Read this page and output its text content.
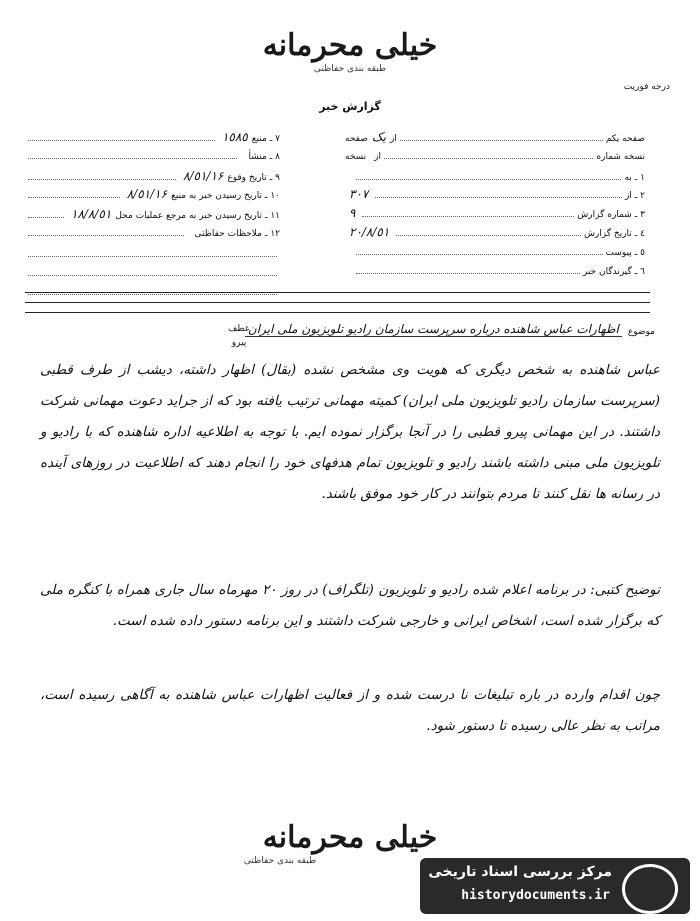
خیلی محرمانه
طبقه بندی حفاظتی
درجه فوریت
گزارش خبر
صفحه یکم
از
یک
صفحه
نسخه شماره
از
نسخه
١ ـ به
٢ ـ از
٣٠٧
٣ ـ شماره گزارش
٩
٤ ـ تاریخ گزارش
٢٠/٨/٥١
٥ ـ پیوست
٦ ـ گیرندگان خبر
٧ ـ منبع
١٥٨٥
٨ ـ منشأ
٩ ـ تاریخ وقوع
١۶/٨/٥١
١٠ ـ تاریخ رسیدن خبر به منبع
١۶/٨/٥١
١١ ـ تاریخ رسیدن خبر به مرجع عملیات محل
١٨/٨/٥١
١٢ ـ ملاحظات حفاظتی
موضوع
اظهارات عباس شاهنده درباره سرپرست سازمان رادیو تلویزیون ملی ایران
عطف
پیرو
عباس شاهنده به شخص دیگری که هویت وی مشخص نشده (بقال) اظهار داشته، دیشب از طرف قطبی (سرپرست سازمان رادیو تلویزیون ملی ایران) کمیته مهمانی ترتیب یافته بود که از جراید دعوت مهمانی شرکت داشتند. در این مهمانی پیرو قطبی را در آنجا برگزار نموده ایم. با توجه به اطلاعیه اداره شاهنده که با رادیو و تلویزیون ملی مبنی داشته باشند رادیو و تلویزیون تمام هدفهای خود را انجام دهند که اطلاعیت در روزهای آینده در رسانه ها نقل کنند تا مردم بتوانند در کار خود موفق باشند.
توضیح کتبی: در برنامه اعلام شده رادیو و تلویزیون (تلگراف) در روز ٢٠ مهرماه سال جاری همراه با کنگره ملی که برگزار شده است، اشخاص ایرانی و خارجی شرکت داشتند و این برنامه دستور داده شده است.
چون اقدام وارده در باره تبلیغات نا درست شده و از فعالیت اظهارات عباس شاهنده به آگاهی رسیده است، مراتب به نظر عالی رسیده تا دستور شود.
خیلی محرمانه
طبقه بندی حفاظتی
مرکز بررسی اسناد تاریخی
historydocuments.ir
